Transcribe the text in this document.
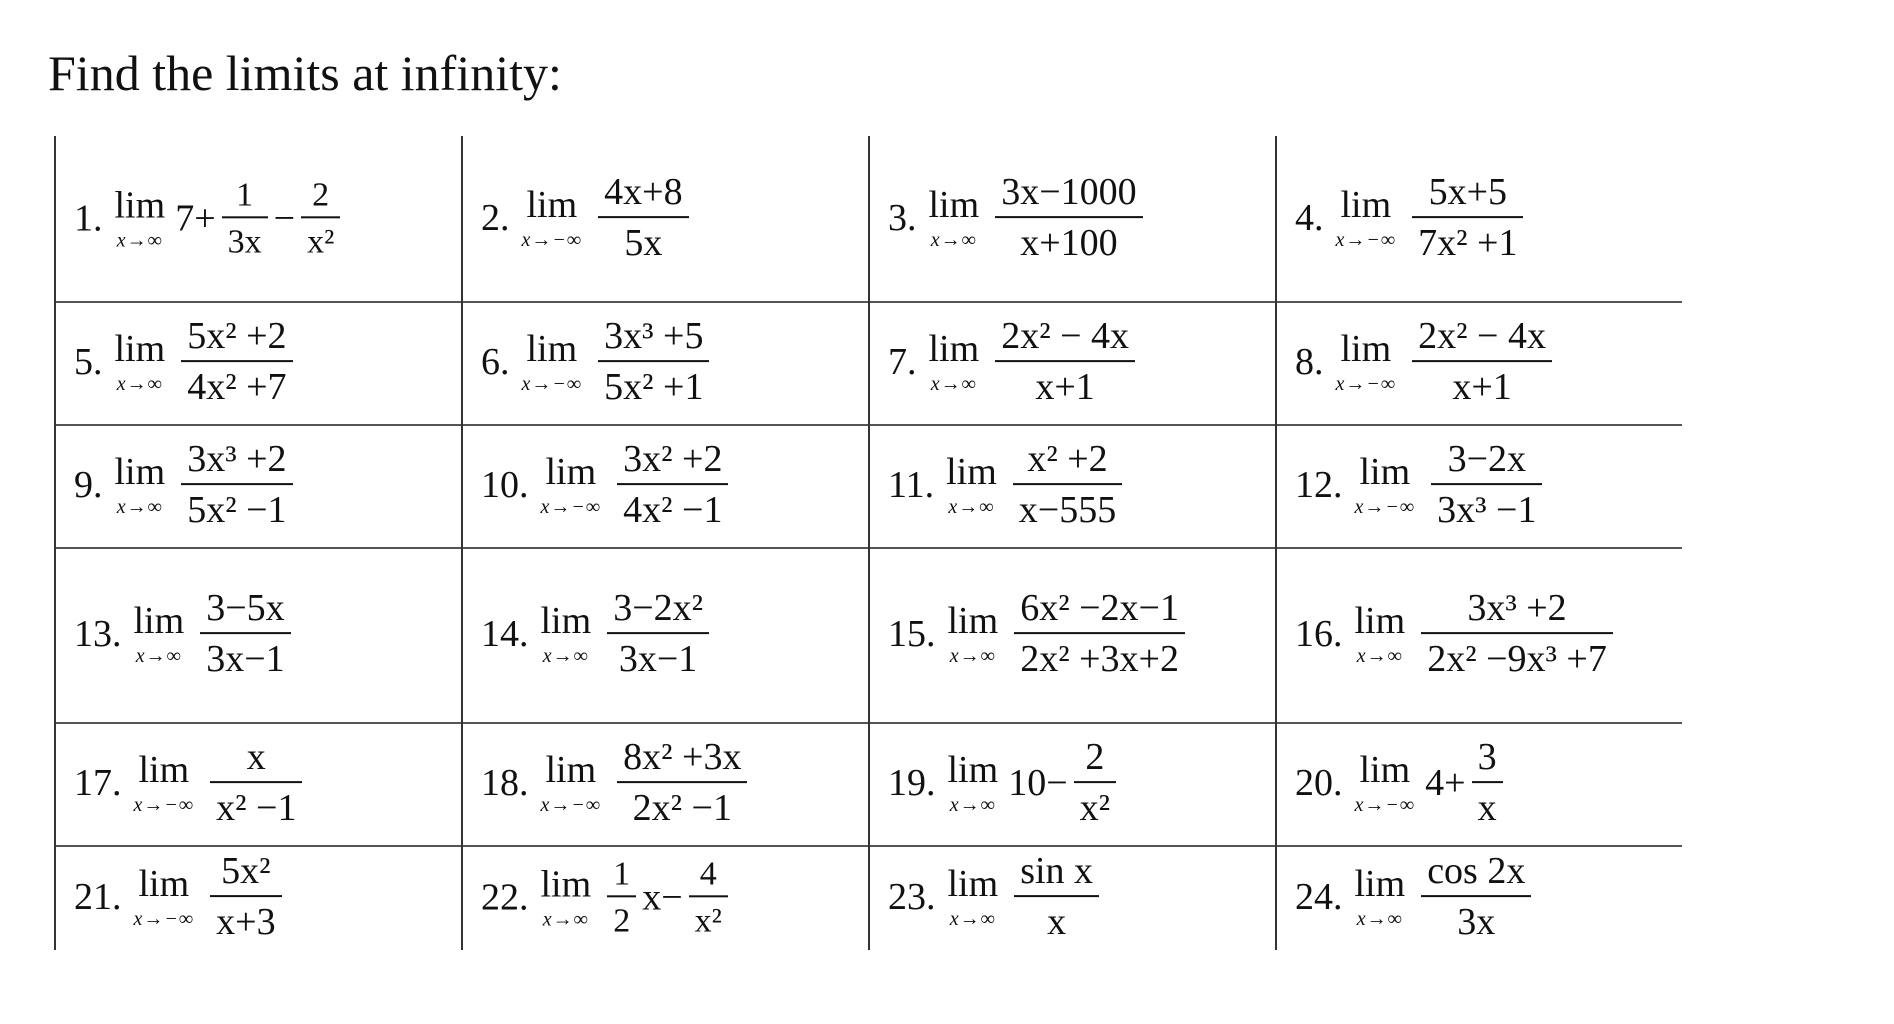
Find the limits at infinity:
1. lim
x→∞
$7+ \frac{1}{3x} - \frac{2}{\text{x²}}$	2. lim
$x\to-\infty \frac{4x+8}{5x}$	3. lim
$x\to\infty \frac{3x-1000}{x+100}$	4. lim
$x\to-\infty \frac{5x+5}{\text{7x² +1}}$
5. lim
$x\to\infty \frac{\text{5x² +2}}{\text{4x² +7}}$	6. lim
$x\to-\infty \frac{\text{3x³ +5}}{\text{5x² +1}}$	7. lim
$x\to\infty \frac{\text{2x² − 4x}}{x+1}$	8. lim
$x\to-\infty \frac{\text{2x² − 4x}}{x+1}$
9. lim
$x\to\infty \frac{\text{3x³ +2}}{\text{5x² −1}}$	10. lim
$x\to-\infty \frac{\text{3x² +2}}{\text{4x² −1}}$	11. lim
$x\to\infty \frac{\text{x² +2}}{x-555}$	12. lim
$x\to-\infty \frac{3-2x}{\text{3x³ −1}}$
13. lim
$x\to\infty \frac{3-5x}{3x-1}$	14. lim
$x\to\infty \frac{\text{3−2x²}}{3x-1}$	15. lim
$x\to\infty \frac{\text{6x² −2x−1}}{\text{2x² +3x+2}}$	16. lim
$x\to\infty \frac{\text{3x³ +2}}{\text{2x² −9x³ +7}}$
17. lim
$x\to-\infty \frac{x}{\text{x² −1}}$	18. lim
$x\to-\infty \frac{\text{8x² +3x}}{\text{2x² −1}}$	19. lim
x→∞
$10- \frac{2}{\text{x²}}$	20. lim
x→−∞
$4+ \frac{3}{x}$
21. lim
$x\to-\infty \frac{\text{5x²}}{x+3}$	22. lim
$x\to\infty \frac{1}{2} x- \frac{4}{\text{x²}}$	23. lim
$x\to\infty \frac{\text{sin x}}{x}$	24. lim
$x\to\infty \frac{\cos 2x}{3x}$
